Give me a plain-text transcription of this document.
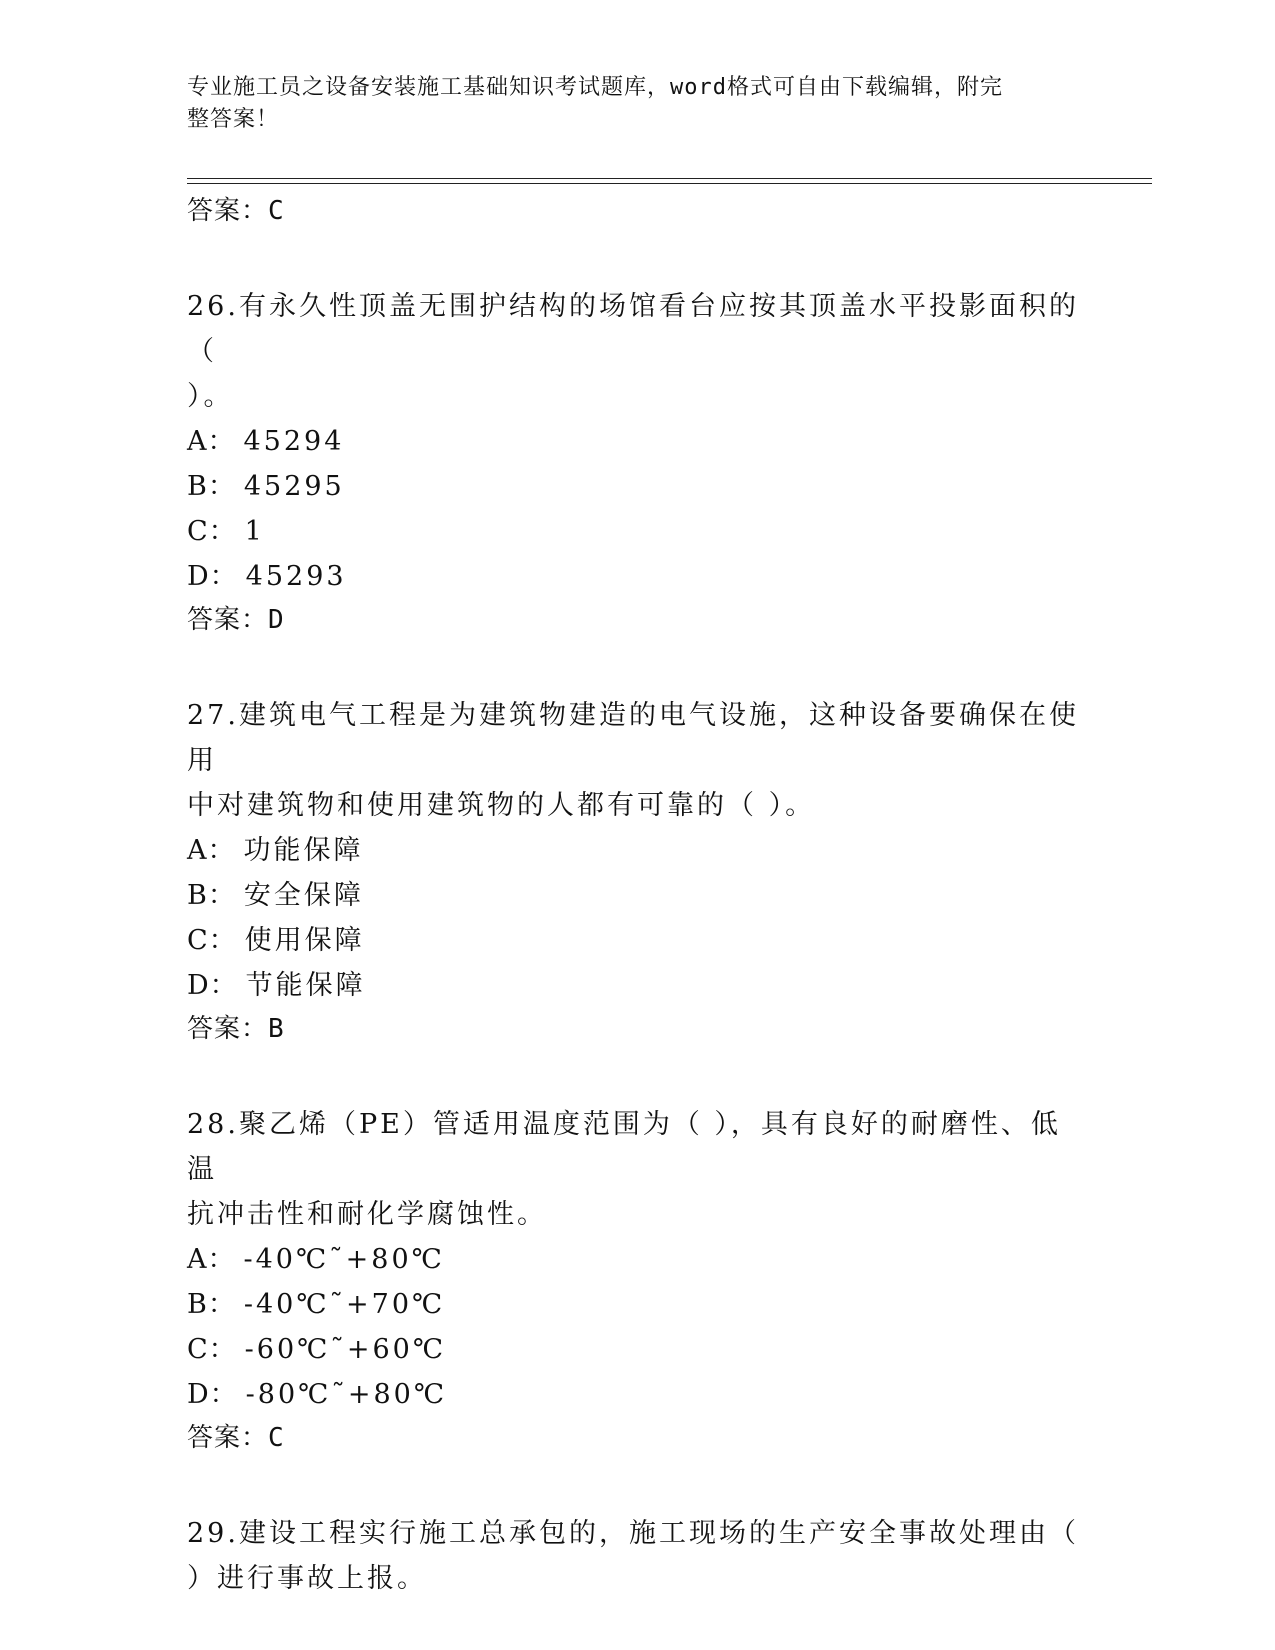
专业施工员之设备安装施工基础知识考试题库，word格式可自由下载编辑，附完
整答案！
答案：C
26.有永久性顶盖无围护结构的场馆看台应按其顶盖水平投影面积的（
）。
A： 45294
B： 45295
C： 1
D： 45293
答案：D
27.建筑电气工程是为建筑物建造的电气设施，这种设备要确保在使用
中对建筑物和使用建筑物的人都有可靠的（ ）。
A： 功能保障
B： 安全保障
C： 使用保障
D： 节能保障
答案：B
28.聚乙烯（PE）管适用温度范围为（ ），具有良好的耐磨性、低温
抗冲击性和耐化学腐蚀性。
A： -40℃˜+80℃
B： -40℃˜+70℃
C： -60℃˜+60℃
D： -80℃˜+80℃
答案：C
29.建设工程实行施工总承包的，施工现场的生产安全事故处理由（
）进行事故上报。
